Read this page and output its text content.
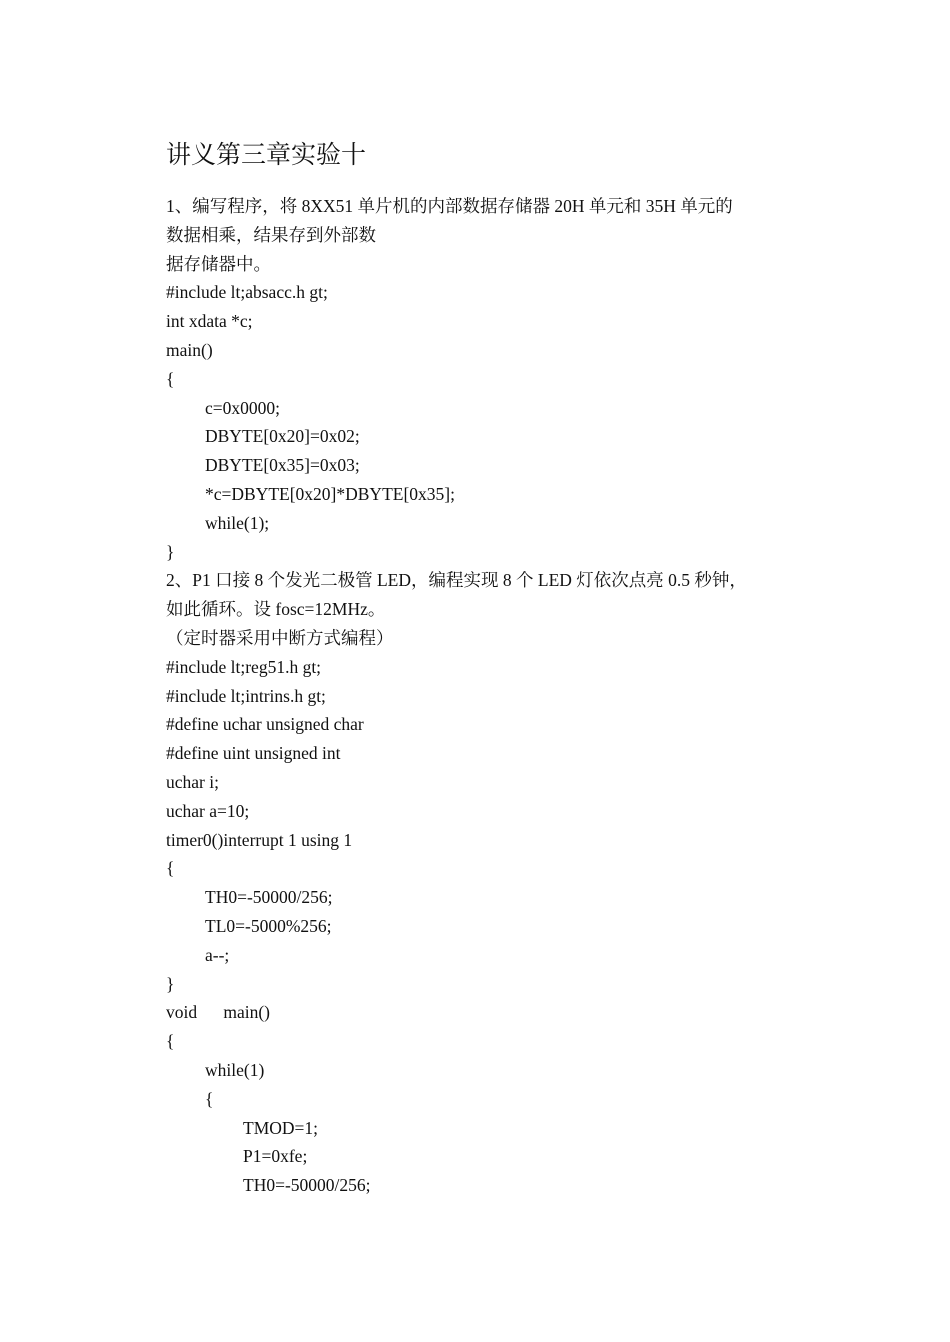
讲义第三章实验十
1、编写程序，将 8XX51 单片机的内部数据存储器 20H 单元和 35H 单元的
数据相乘，结果存到外部数
据存储器中。
#include lt;absacc.h gt;
int xdata *c;
main()
{
c=0x0000;
DBYTE[0x20]=0x02;
DBYTE[0x35]=0x03;
*c=DBYTE[0x20]*DBYTE[0x35];
while(1);
}
2、P1 口接 8 个发光二极管 LED，编程实现 8 个 LED 灯依次点亮 0.5 秒钟，
如此循环。设 fosc=12MHz。
（定时器采用中断方式编程）
#include lt;reg51.h gt;
#include lt;intrins.h gt;
#define uchar unsigned char
#define uint unsigned int
uchar i;
uchar a=10;
timer0()interrupt 1 using 1
{
TH0=-50000/256;
TL0=-5000%256;
a--;
}
void      main()
{
while(1)
{
TMOD=1;
P1=0xfe;
TH0=-50000/256;
